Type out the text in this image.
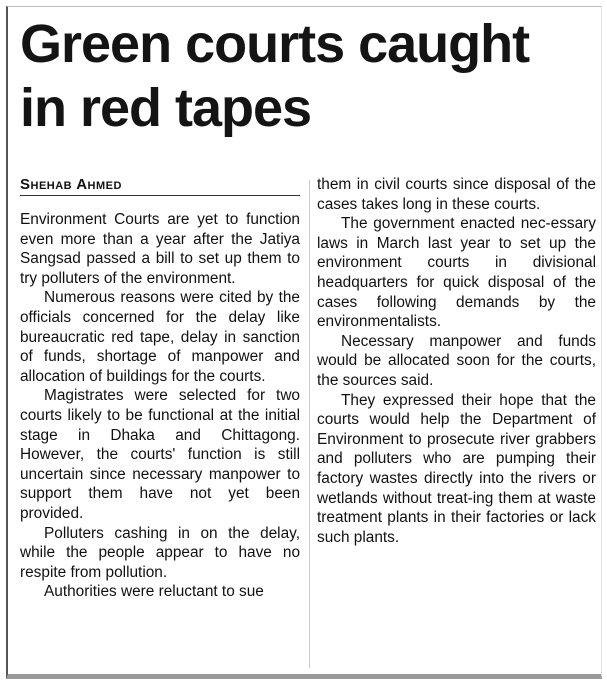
Green courts caught
in red tapes
Shehab Ahmed

Environment Courts are yet to function even more than a year after the Jatiya Sangsad passed a bill to set up them to try polluters of the environment.

Numerous reasons were cited by the officials concerned for the delay like bureaucratic red tape, delay in sanction of funds, shortage of manpower and allocation of buildings for the courts.

Magistrates were selected for two courts likely to be functional at the initial stage in Dhaka and Chittagong. However, the courts' function is still uncertain since necessary manpower to support them have not yet been provided.

Polluters cashing in on the delay, while the people appear to have no respite from pollution.

Authorities were reluctant to sue

them in civil courts since disposal of the cases takes long in these courts.

The government enacted nec-essary laws in March last year to set up the environment courts in divisional headquarters for quick disposal of the cases following demands by the environmentalists.

Necessary manpower and funds would be allocated soon for the courts, the sources said.

They expressed their hope that the courts would help the Department of Environment to prosecute river grabbers and polluters who are pumping their factory wastes directly into the rivers or wetlands without treat-ing them at waste treatment plants in their factories or lack such plants.
